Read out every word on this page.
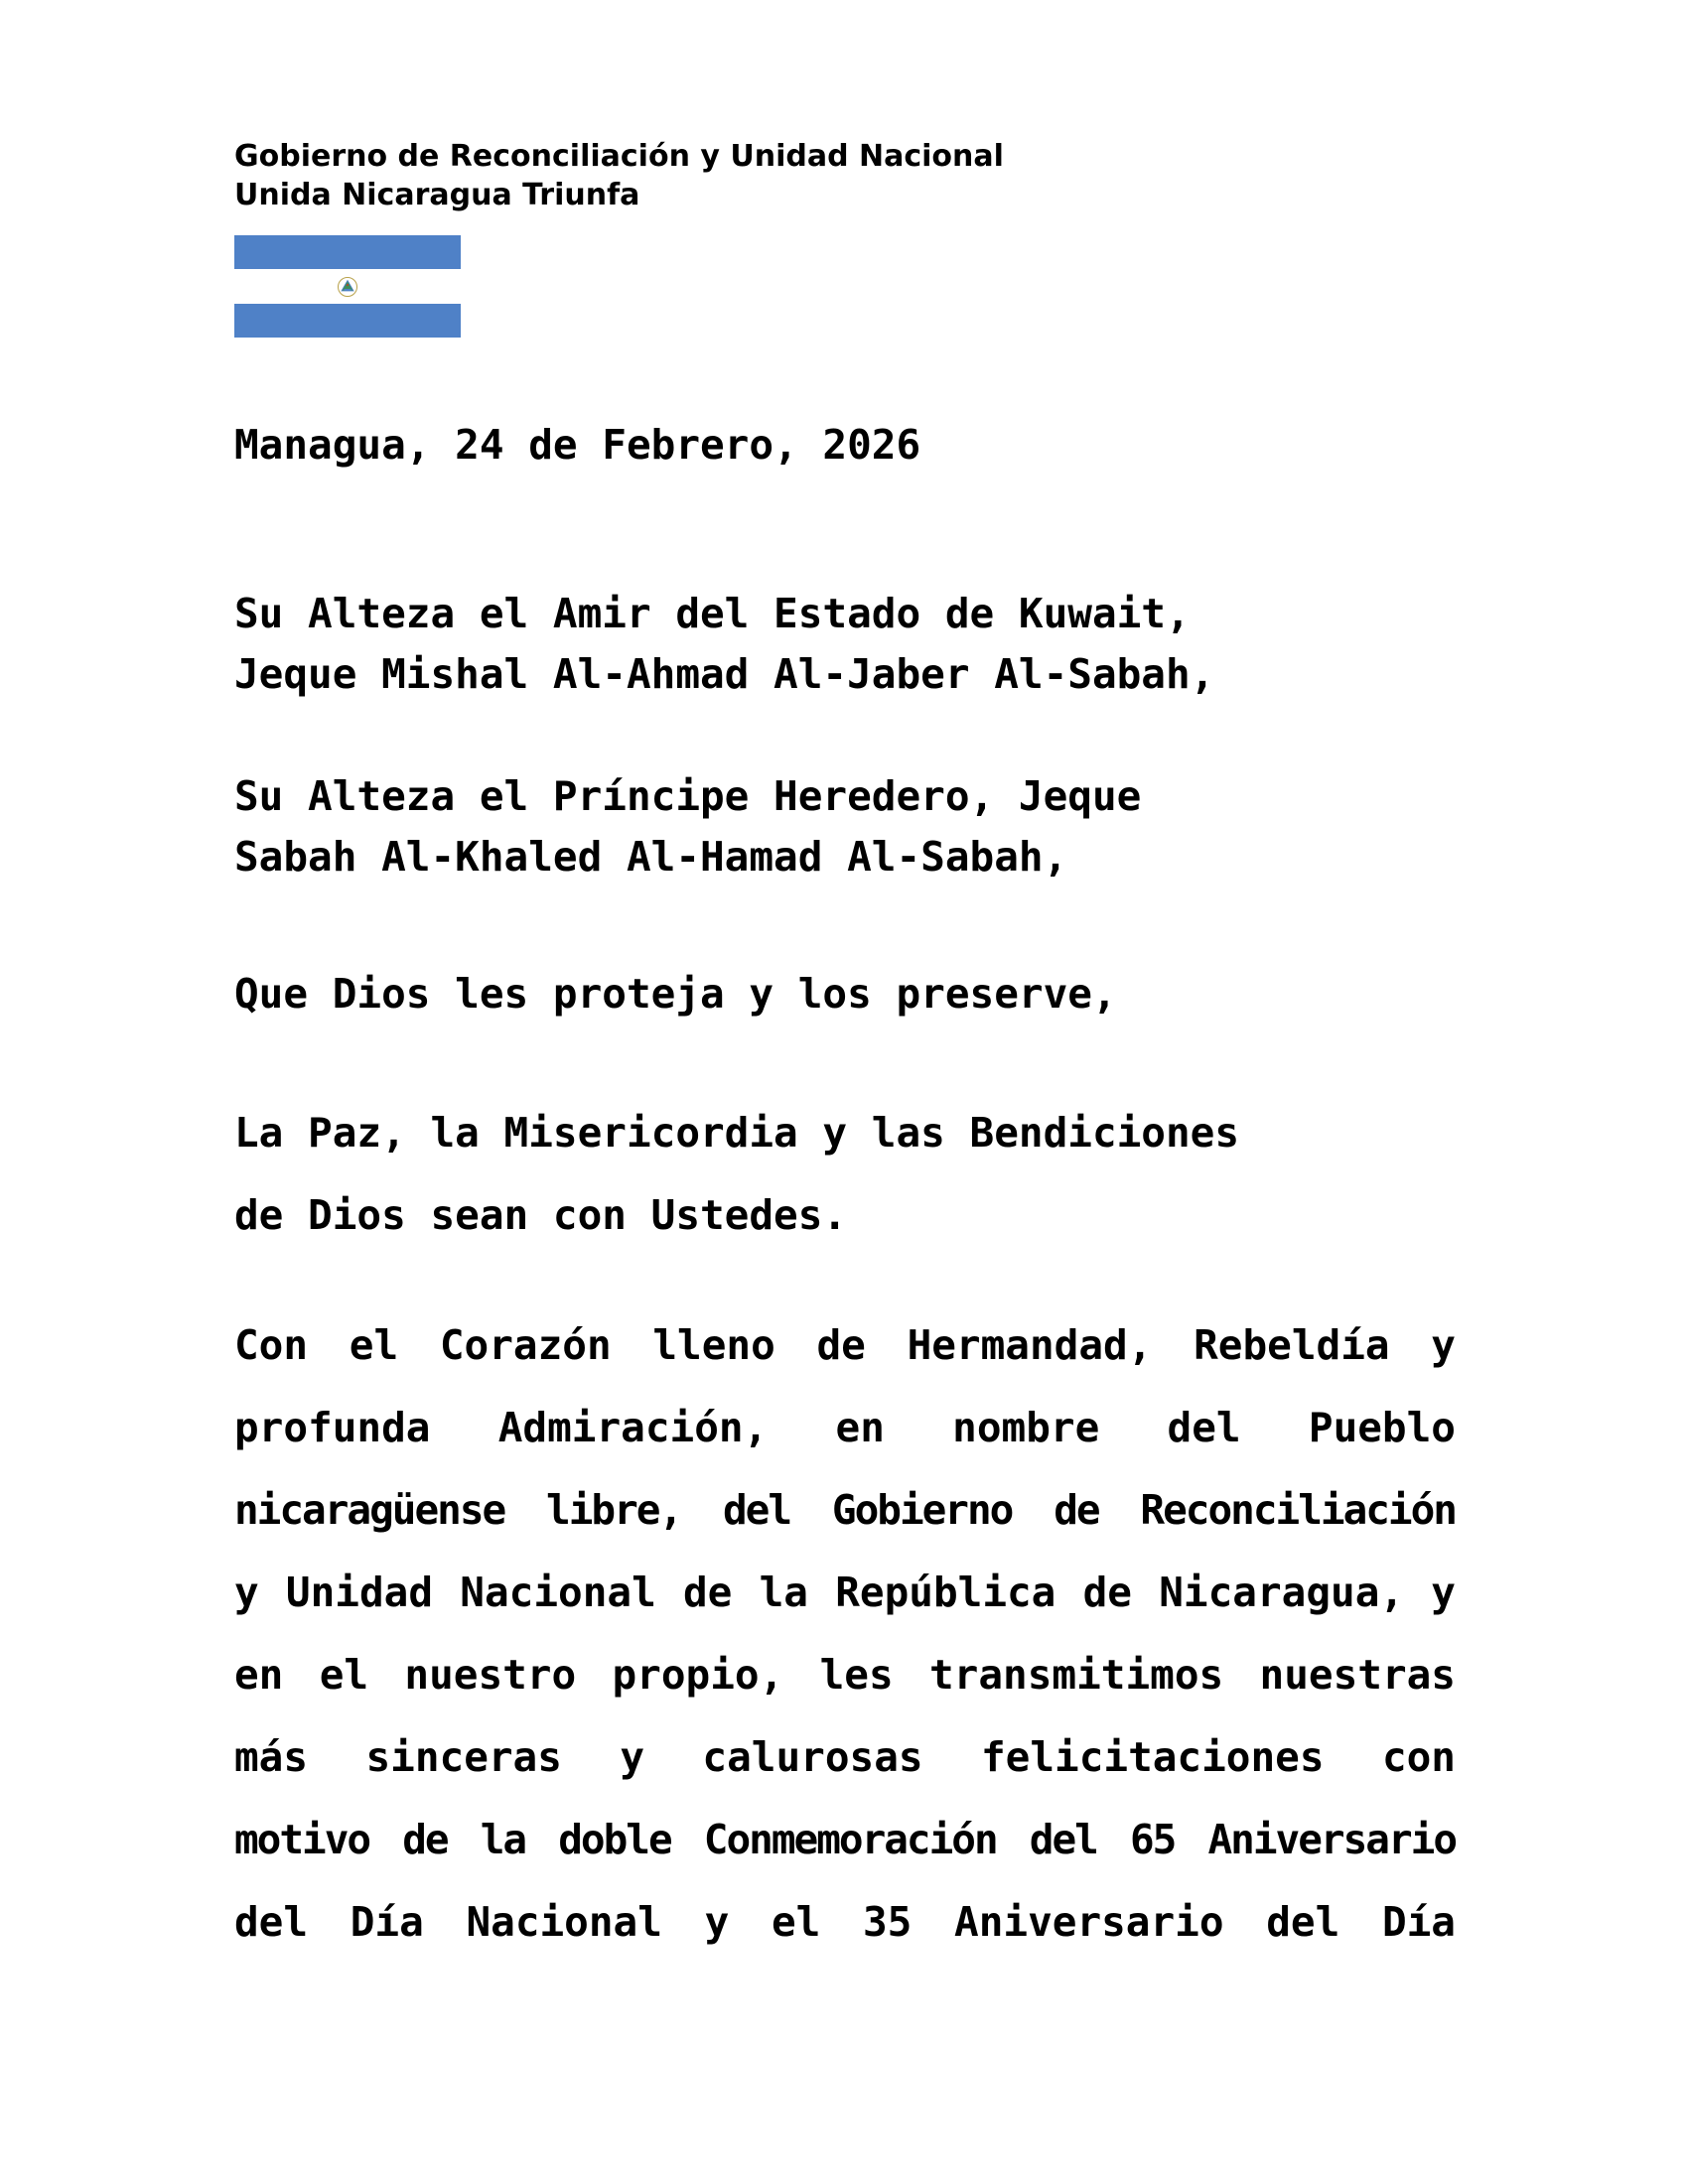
Gobierno de Reconciliación y Unidad Nacional
Unida Nicaragua Triunfa
Managua, 24 de Febrero, 2026
Su Alteza el Amir del Estado de Kuwait,
Jeque Mishal Al-Ahmad Al-Jaber Al-Sabah,
Su Alteza el Príncipe Heredero, Jeque
Sabah Al-Khaled Al-Hamad Al-Sabah,
Que Dios les proteja y los preserve,
La Paz, la Misericordia y las Bendiciones
de Dios sean con Ustedes.
Con el Corazón lleno de Hermandad, Rebeldía y
profunda Admiración, en nombre del Pueblo
nicaragüense libre, del Gobierno de Reconciliación
y Unidad Nacional de la República de Nicaragua, y
en el nuestro propio, les transmitimos nuestras
más sinceras y calurosas felicitaciones con
motivo de la doble Conmemoración del 65 Aniversario
del Día Nacional y el 35 Aniversario del Día
